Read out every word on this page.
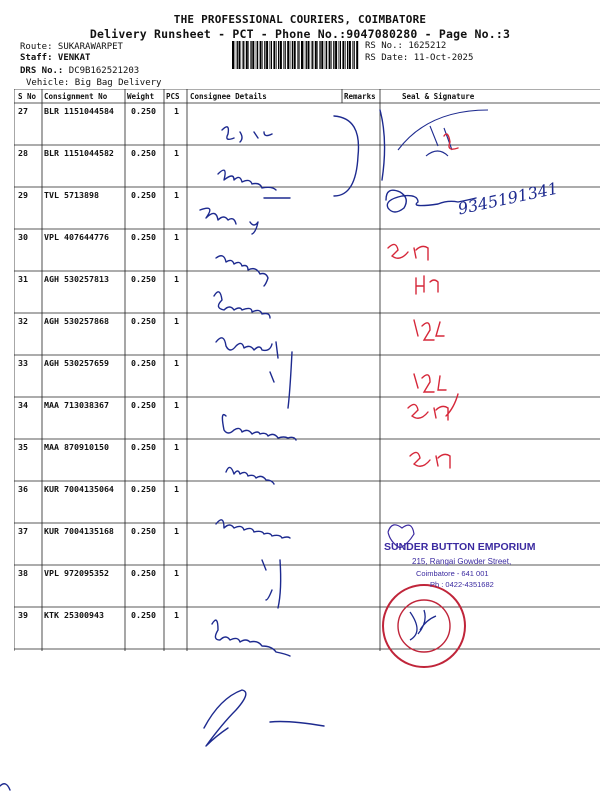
THE PROFESSIONAL COURIERS, COIMBATORE
Delivery Runsheet - PCT - Phone No.:9047080280 - Page No.:3
Route: SUKARAWARPET
Staff: VENKAT
DRS No.: DC9B16252120З
Vehicle: Big Bag Delivery
RS No.: 1625212
RS Date: 11-Oct-2025
S No Consignment No	Weight PCS Consignee Details	Remarks	Seal & Signature
27 BLR 1151044584 0.250 1
28 BLR 1151044582 0.250 1
29 TVL 5713898	0.250 1
30 VPL 407644776	0.250 1
31 AGH 530257813	0.250 1
32 AGH 530257868	0.250 1
33 AGH 530257659	0.250 1
34 MAA 713038367	0.250 1
35 MAA 870910150	0.250 1
36 KUR 7004135064 0.250 1
37 KUR 7004135168 0.250 1
38 VPL 972095352	0.250 1
39 KTK 25300943	0.250 1
SUNDER BUTTON EMPORIUM
215, Rangai Gowder Street,
Coimbatore - 641 001
Ph : 0422-4351682
9345191341
